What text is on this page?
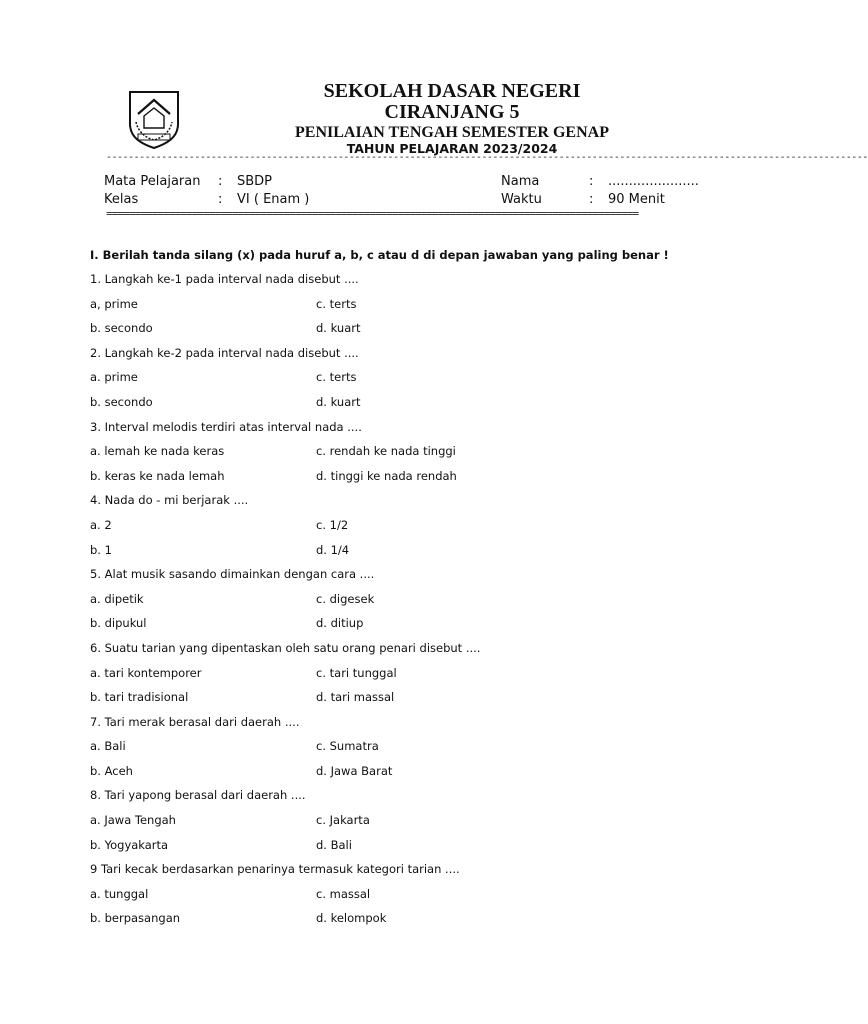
SEKOLAH DASAR NEGERI
CIRANJANG 5
PENILAIAN TENGAH SEMESTER GENAP
TAHUN PELAJARAN 2023/2024
------------------------------------------------------------------------------------------------------------------------------------------
Mata Pelajaran : SBDP	Nama	: ......................
Kelas	: VI ( Enam )	Waktu	: 90 Menit
=============================================================================================
I. Berilah tanda silang (x) pada huruf a, b, c atau d di depan jawaban yang paling benar !
1. Langkah ke-1 pada interval nada disebut ....
a, prime	c. terts
b. secondo	d. kuart
2. Langkah ke-2 pada interval nada disebut ....
a. prime	c. terts
b. secondo	d. kuart
3. Interval melodis terdiri atas interval nada ....
a. lemah ke nada keras	c. rendah ke nada tinggi
b. keras ke nada lemah	d. tinggi ke nada rendah
4. Nada do - mi berjarak ....
a. 2	c. 1/2
b. 1	d. 1/4
5. Alat musik sasando dimainkan dengan cara ....
a. dipetik	c. digesek
b. dipukul	d. ditiup
6. Suatu tarian yang dipentaskan oleh satu orang penari disebut ....
a. tari kontemporer	c. tari tunggal
b. tari tradisional	d. tari massal
7. Tari merak berasal dari daerah ....
a. Bali	c. Sumatra
b. Aceh	d. Jawa Barat
8. Tari yapong berasal dari daerah ....
a. Jawa Tengah	c. Jakarta
b. Yogyakarta	d. Bali
9 Tari kecak berdasarkan penarinya termasuk kategori tarian ....
a. tunggal	c. massal
b. berpasangan	d. kelompok
